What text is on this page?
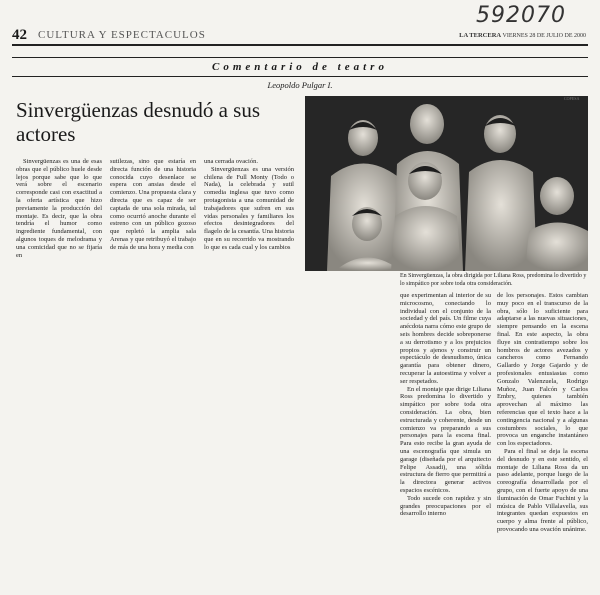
592070
42 CULTURA Y ESPECTACULOS	LA TERCERA VIERNES 28 DE JULIO DE 2000
Comentario de teatro
Leopoldo Pulgar I.
Sinvergüenzas desnudó a sus actores
COPESA
En Sinvergüenzas, la obra dirigida por Liliana Ross, predomina lo divertido y lo simpático por sobre toda otra consideración.

Sinvergüenzas es una de esas obras que el público huele desde lejos porque sabe que lo que verá sobre el escenario corresponde casi con exactitud a la oferta artística que hizo previamente la producción del montaje. Es decir, que la obra tendría el humor como ingrediente fundamental, con algunos toques de melodrama y una comicidad que no se fijaría en

sutilezas, sino que estaría en directa función de una historia conocida cuyo desenlace se espera con ansias desde el comienzo. Una propuesta clara y directa que es capaz de ser captada de una sola mirada, tal como ocurrió anoche durante el estreno con un público gozoso que repletó la amplia sala Arenas y que retribuyó el trabajo de más de una hora y media con

una cerrada ovación.

Sinvergüenzas es una versión chilena de Full Monty (Todo o Nada), la celebrada y sutil comedia inglesa que tuvo como protagonista a una comunidad de trabajadores que sufren en sus vidas personales y familiares los efectos desintegradores del flagelo de la cesantía. Una historia que en su recorrido va mostrando lo que es cada cual y los cambios

que experimentan al interior de su microcosmo, conectando lo individual con el conjunto de la sociedad y del país. Un filme cuya anécdota narra cómo este grupo de seis hombres decide sobreponerse a su derrotismo y a los prejuicios propios y ajenos y construir un espectáculo de desnudismo, única garantía para obtener dinero, recuperar la autoestima y volver a ser respetados.

En el montaje que dirige Liliana Ross predomina lo divertido y simpático por sobre toda otra consideración. La obra, bien estructurada y coherente, desde un comienzo va preparando a sus personajes para la escena final. Para esto recibe la gran ayuda de una escenografía que simula un garage (diseñada por el arquitecto Felipe Assadi), una sólida estructura de fierro que permitirá a la directora generar activos espacios escénicos.

Todo sucede con rapidez y sin grandes preocupaciones por el desarrollo interno

de los personajes. Estos cambian muy poco en el transcurso de la obra, sólo lo suficiente para adaptarse a las nuevas situaciones, siempre pensando en la escena final. En este aspecto, la obra fluye sin contratiempo sobre los hombros de actores avezados y cancheros como Fernando Gallardo y Jorge Gajardo y de profesionales entusiastas como Gonzalo Valenzuela, Rodrigo Muñoz, Juan Falcón y Carlos Embry, quienes también aprovechan al máximo las referencias que el texto hace a la contingencia nacional y a algunas costumbres sociales, lo que provoca un enganche instantáneo con los espectadores.

Para el final se deja la escena del desnudo y en este sentido, el montaje de Liliana Ross da un paso adelante, porque luego de la coreografía desarrollada por el grupo, con el fuerte apoyo de una iluminación de Omar Fuchini y la música de Pablo Villalavella, sus integrantes quedan expuestos en cuerpo y alma frente al público, provocando una ovación unánime.
